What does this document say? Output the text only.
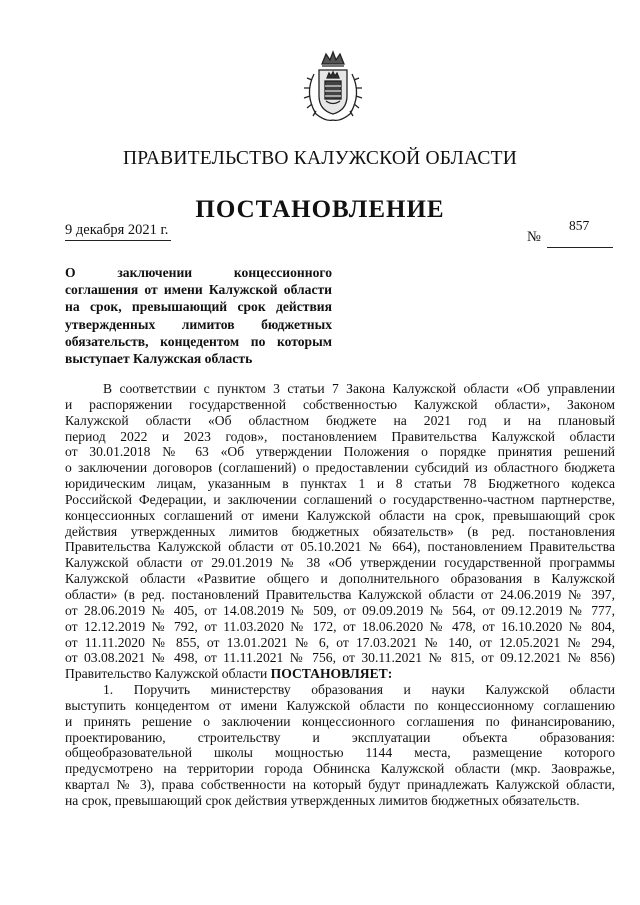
ПРАВИТЕЛЬСТВО КАЛУЖСКОЙ ОБЛАСТИ
ПОСТАНОВЛЕНИЕ
9 декабря 2021 г.	№
857
О заключении концессионного
соглашения от имени Калужской области
на срок, превышающий срок действия
утвержденных лимитов бюджетных
обязательств, концедентом по которым
выступает Калужская область
В соответствии с пунктом 3 статьи 7 Закона Калужской области «Об управлении
и распоряжении государственной собственностью Калужской области», Законом
Калужской области «Об областном бюджете на 2021 год и на плановый
период 2022 и 2023 годов», постановлением Правительства Калужской области
от 30.01.2018 № 63 «Об утверждении Положения о порядке принятия решений
о заключении договоров (соглашений) о предоставлении субсидий из областного бюджета
юридическим лицам, указанным в пунктах 1 и 8 статьи 78 Бюджетного кодекса
Российской Федерации, и заключении соглашений о государственно-частном партнерстве,
концессионных соглашений от имени Калужской области на срок, превышающий срок
действия утвержденных лимитов бюджетных обязательств» (в ред. постановления
Правительства Калужской области от 05.10.2021 № 664), постановлением Правительства
Калужской области от 29.01.2019 № 38 «Об утверждении государственной программы
Калужской области «Развитие общего и дополнительного образования в Калужской
области» (в ред. постановлений Правительства Калужской области от 24.06.2019 № 397,
от 28.06.2019 № 405, от 14.08.2019 № 509, от 09.09.2019 № 564, от 09.12.2019 № 777,
от 12.12.2019 № 792, от 11.03.2020 № 172, от 18.06.2020 № 478, от 16.10.2020 № 804,
от 11.11.2020 № 855, от 13.01.2021 № 6, от 17.03.2021 № 140, от 12.05.2021 № 294,
от 03.08.2021 № 498, от 11.11.2021 № 756, от 30.11.2021 № 815, от 09.12.2021 № 856)
Правительство Калужской области ПОСТАНОВЛЯЕТ:
1. Поручить министерству образования и науки Калужской области
выступить концедентом от имени Калужской области по концессионному соглашению
и принять решение о заключении концессионного соглашения по финансированию,
проектированию, строительству и эксплуатации объекта образования:
общеобразовательной школы мощностью 1144 места, размещение которого
предусмотрено на территории города Обнинска Калужской области (мкр. Заовражье,
квартал № 3), права собственности на который будут принадлежать Калужской области,
на срок, превышающий срок действия утвержденных лимитов бюджетных обязательств.
